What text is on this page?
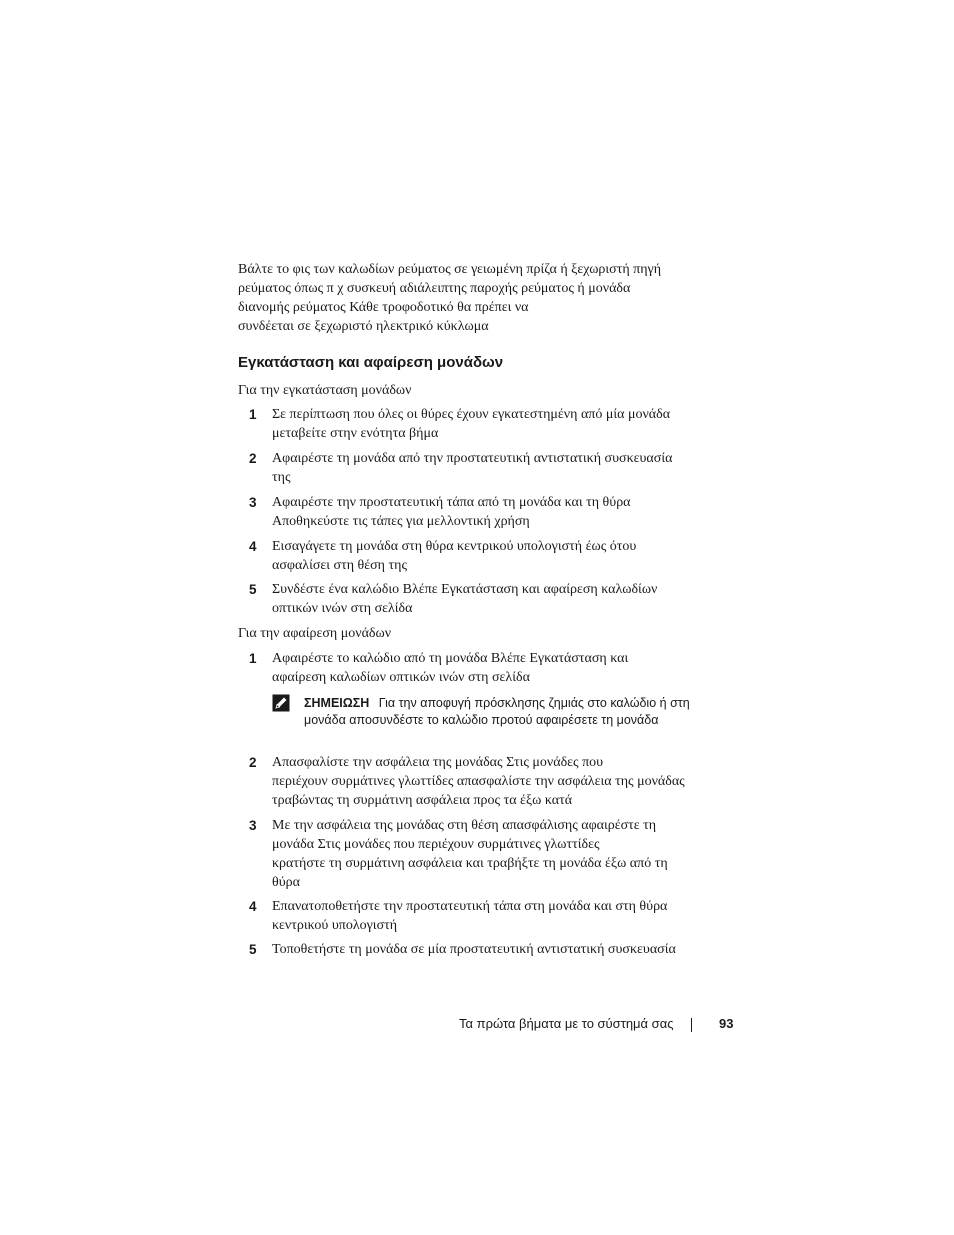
Βάλτε το φις των καλωδίων ρεύματος σε γειωμένη πρίζα ή ξεχωριστή πηγή
ρεύματος όπως π χ συσκευή αδιάλειπτης παροχής ρεύματος ή μονάδα
διανομής ρεύματος Κάθε τροφοδοτικό θα πρέπει να
συνδέεται σε ξεχωριστό ηλεκτρικό κύκλωμα
Εγκατάσταση και αφαίρεση μονάδων
Για την εγκατάσταση μονάδων
1 Σε περίπτωση που όλες οι θύρες έχουν εγκατεστημένη από μία μονάδα
μεταβείτε στην ενότητα βήμα
2 Αφαιρέστε τη μονάδα από την προστατευτική αντιστατική συσκευασία
της
3 Αφαιρέστε την προστατευτική τάπα από τη μονάδα και τη θύρα
Αποθηκεύστε τις τάπες για μελλοντική χρήση
4 Εισαγάγετε τη μονάδα στη θύρα κεντρικού υπολογιστή έως ότου
ασφαλίσει στη θέση της
5 Συνδέστε ένα καλώδιο Βλέπε Εγκατάσταση και αφαίρεση καλωδίων
οπτικών ινών στη σελίδα
Για την αφαίρεση μονάδων
1 Αφαιρέστε το καλώδιο από τη μονάδα Βλέπε Εγκατάσταση και
αφαίρεση καλωδίων οπτικών ινών στη σελίδα
ΣΗΜΕΙΩΣΗ Για την αποφυγή πρόσκλησης ζημιάς στο καλώδιο ή στη
μονάδα αποσυνδέστε το καλώδιο προτού αφαιρέσετε τη μονάδα
2 Απασφαλίστε την ασφάλεια της μονάδας Στις μονάδες που
περιέχουν συρμάτινες γλωττίδες απασφαλίστε την ασφάλεια της μονάδας
τραβώντας τη συρμάτινη ασφάλεια προς τα έξω κατά
3 Με την ασφάλεια της μονάδας στη θέση απασφάλισης αφαιρέστε τη
μονάδα Στις μονάδες που περιέχουν συρμάτινες γλωττίδες
κρατήστε τη συρμάτινη ασφάλεια και τραβήξτε τη μονάδα έξω από τη
θύρα
4 Επανατοποθετήστε την προστατευτική τάπα στη μονάδα και στη θύρα
κεντρικού υπολογιστή
5 Τοποθετήστε τη μονάδα σε μία προστατευτική αντιστατική συσκευασία
Τα πρώτα βήματα με το σύστημά σας	93
